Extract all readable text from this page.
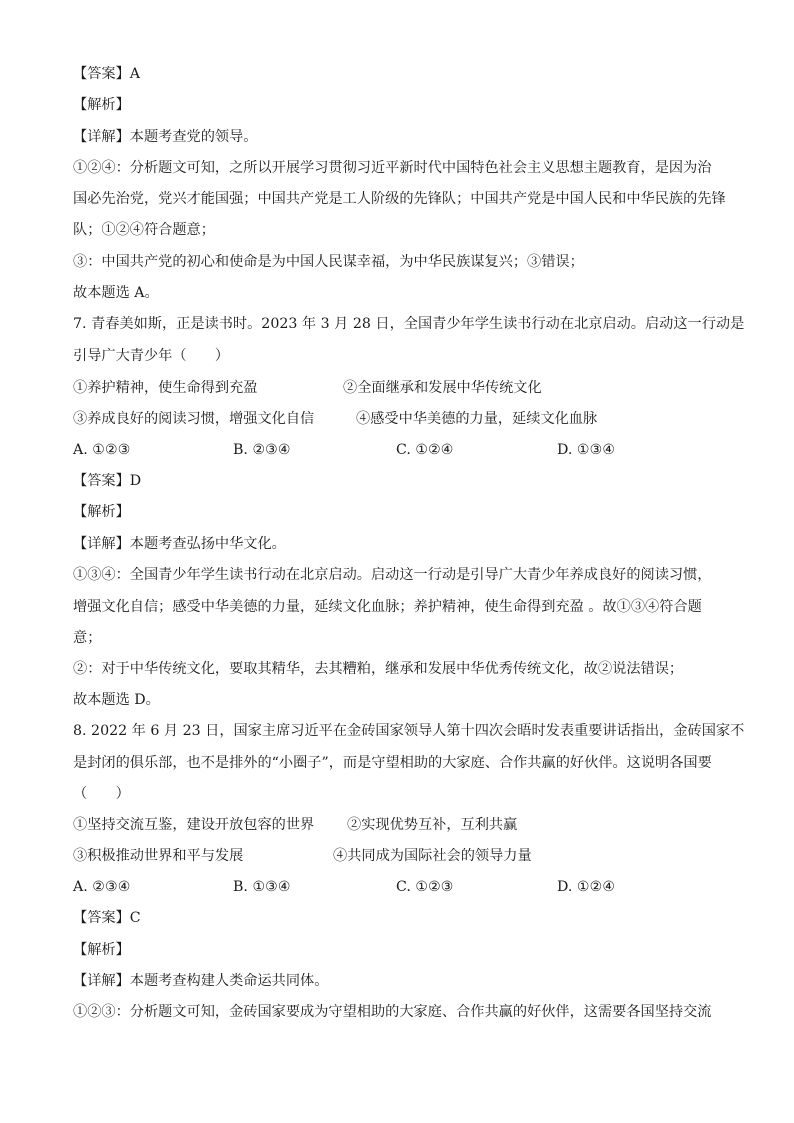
【答案】A
【解析】
【详解】本题考查党的领导。
①②④：分析题文可知，之所以开展学习贯彻习近平新时代中国特色社会主义思想主题教育，是因为治
国必先治党，党兴才能国强；中国共产党是工人阶级的先锋队；中国共产党是中国人民和中华民族的先锋
队；①②④符合题意；
③：中国共产党的初心和使命是为中国人民谋幸福，为中华民族谋复兴；③错误；
故本题选 A。
7. 青春美如斯，正是读书时。2023 年 3 月 28 日，全国青少年学生读书行动在北京启动。启动这一行动是
引导广大青少年（　　）
①养护精神，使生命得到充盈	②全面继承和发展中华传统文化
③养成良好的阅读习惯，增强文化自信	④感受中华美德的力量，延续文化血脉
A. ①②③	B. ②③④	C. ①②④	D. ①③④
【答案】D
【解析】
【详解】本题考查弘扬中华文化。
①③④：全国青少年学生读书行动在北京启动。启动这一行动是引导广大青少年养成良好的阅读习惯，
增强文化自信；感受中华美德的力量，延续文化血脉；养护精神，使生命得到充盈 。故①③④符合题
意；
②：对于中华传统文化，要取其精华，去其糟粕，继承和发展中华优秀传统文化，故②说法错误；
故本题选 D。
8. 2022 年 6 月 23 日，国家主席习近平在金砖国家领导人第十四次会晤时发表重要讲话指出，金砖国家不
是封闭的俱乐部，也不是排外的“小圈子”，而是守望相助的大家庭、合作共赢的好伙伴。这说明各国要
（　　）
①坚持交流互鉴，建设开放包容的世界 ②实现优势互补，互利共赢
③积极推动世界和平与发展	④共同成为国际社会的领导力量
A. ②③④	B. ①③④	C. ①②③	D. ①②④
【答案】C
【解析】
【详解】本题考查构建人类命运共同体。
①②③：分析题文可知，金砖国家要成为守望相助的大家庭、合作共赢的好伙伴，这需要各国坚持交流
